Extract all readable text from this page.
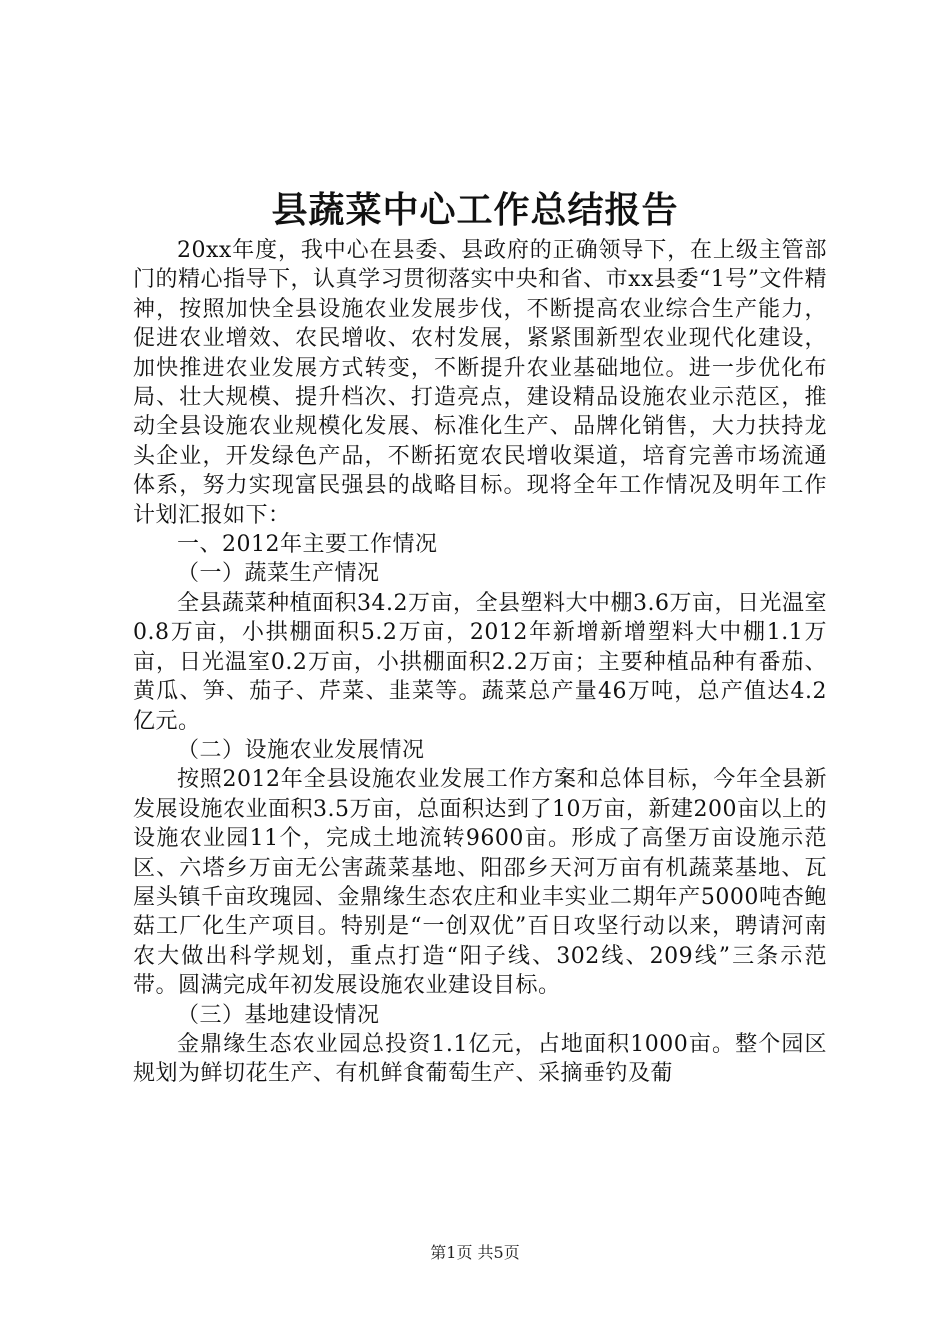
县蔬菜中心工作总结报告

20xx年度，我中心在县委、县政府的正确领导下，在上级主管部门的精心指导下，认真学习贯彻落实中央和省、市xx县委“1号”文件精神，按照加快全县设施农业发展步伐，不断提高农业综合生产能力，促进农业增效、农民增收、农村发展，紧紧围新型农业现代化建设，加快推进农业发展方式转变，不断提升农业基础地位。进一步优化布局、壮大规模、提升档次、打造亮点，建设精品设施农业示范区，推动全县设施农业规模化发展、标准化生产、品牌化销售，大力扶持龙头企业，开发绿色产品，不断拓宽农民增收渠道，培育完善市场流通体系，努力实现富民强县的战略目标。现将全年工作情况及明年工作计划汇报如下：

一、2012年主要工作情况

（一）蔬菜生产情况

全县蔬菜种植面积34.2万亩，全县塑料大中棚3.6万亩，日光温室0.8万亩，小拱棚面积5.2万亩，2012年新增新增塑料大中棚1.1万亩，日光温室0.2万亩，小拱棚面积2.2万亩；主要种植品种有番茄、黄瓜、笋、茄子、芹菜、韭菜等。蔬菜总产量46万吨，总产值达4.2亿元。

（二）设施农业发展情况

按照2012年全县设施农业发展工作方案和总体目标，今年全县新发展设施农业面积3.5万亩，总面积达到了10万亩，新建200亩以上的设施农业园11个，完成土地流转9600亩。形成了高堡万亩设施示范区、六塔乡万亩无公害蔬菜基地、阳邵乡天河万亩有机蔬菜基地、瓦屋头镇千亩玫瑰园、金鼎缘生态农庄和业丰实业二期年产5000吨杏鲍菇工厂化生产项目。特别是“一创双优”百日攻坚行动以来，聘请河南农大做出科学规划，重点打造“阳子线、302线、209线”三条示范带。圆满完成年初发展设施农业建设目标。

（三）基地建设情况

金鼎缘生态农业园总投资1.1亿元，占地面积1000亩。整个园区规划为鲜切花生产、有机鲜食葡萄生产、采摘垂钓及葡

第1页 共5页
